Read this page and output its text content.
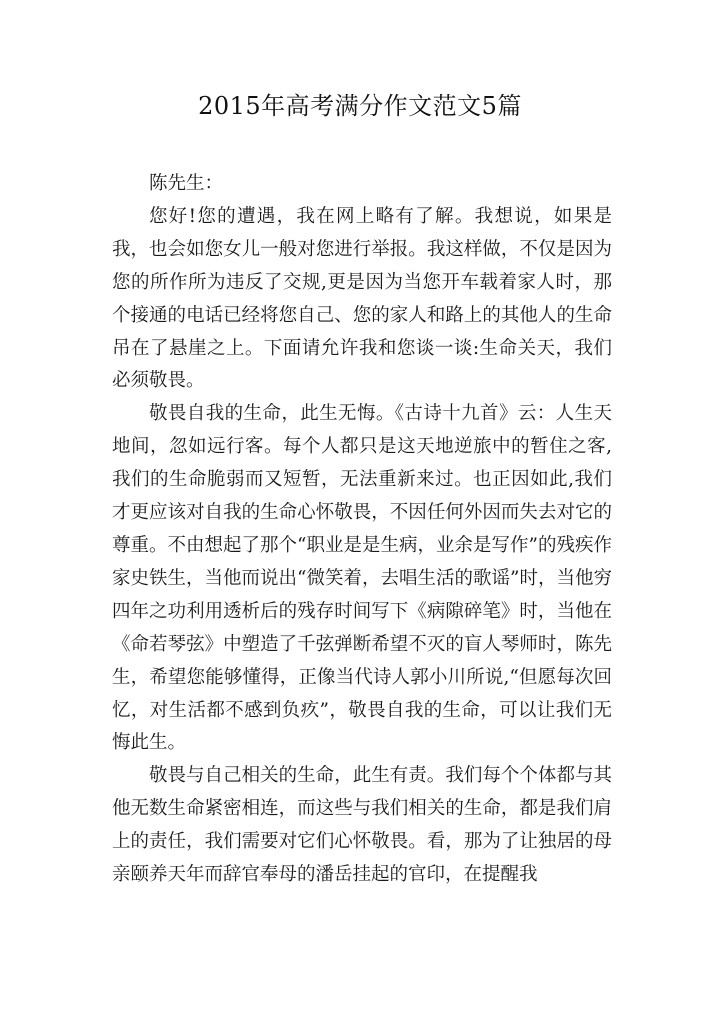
2015年高考满分作文范文5篇

陈先生：

您好!您的遭遇，我在网上略有了解。我想说，如果是我，也会如您女儿一般对您进行举报。我这样做，不仅是因为您的所作所为违反了交规,更是因为当您开车载着家人时，那个接通的电话已经将您自己、您的家人和路上的其他人的生命吊在了悬崖之上。下面请允许我和您谈一谈:生命关天，我们必须敬畏。

敬畏自我的生命，此生无悔。《古诗十九首》云：人生天地间，忽如远行客。每个人都只是这天地逆旅中的暂住之客,我们的生命脆弱而又短暂，无法重新来过。也正因如此,我们才更应该对自我的生命心怀敬畏，不因任何外因而失去对它的尊重。不由想起了那个“职业是是生病，业余是写作”的残疾作家史铁生，当他而说出“微笑着，去唱生活的歌谣”时，当他穷四年之功利用透析后的残存时间写下《病隙碎笔》时，当他在《命若琴弦》中塑造了千弦弹断希望不灭的盲人琴师时，陈先生，希望您能够懂得，正像当代诗人郭小川所说,“但愿每次回忆，对生活都不感到负疚”，敬畏自我的生命，可以让我们无悔此生。

敬畏与自己相关的生命，此生有责。我们每个个体都与其他无数生命紧密相连，而这些与我们相关的生命，都是我们肩上的责任，我们需要对它们心怀敬畏。看，那为了让独居的母亲颐养天年而辞官奉母的潘岳挂起的官印，在提醒我
